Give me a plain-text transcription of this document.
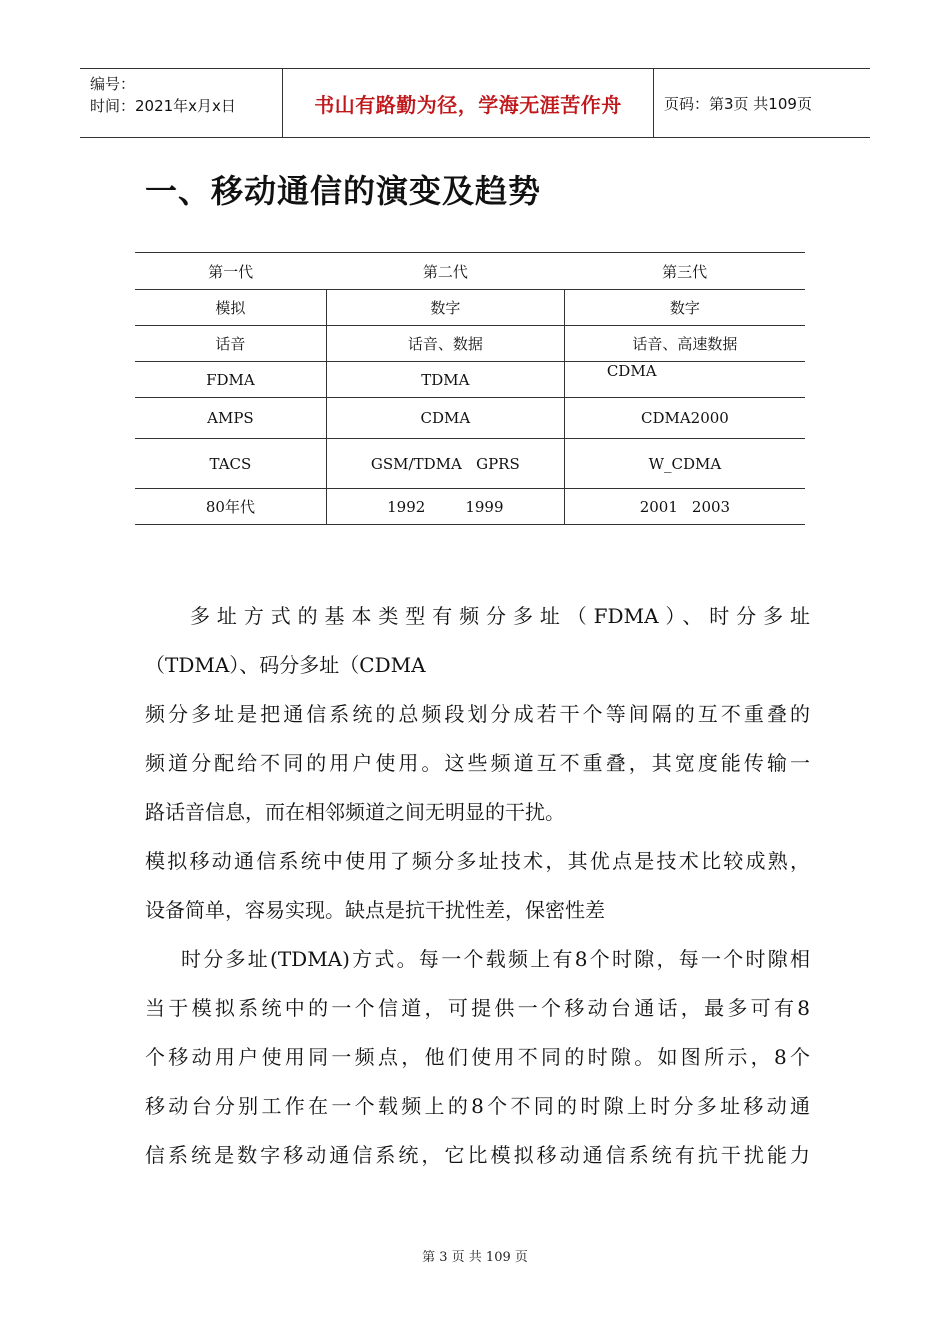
编号：
时间：2021年x月x日	书山有路勤为径，学海无涯苦作舟	页码：第3页 共109页
一、移动通信的演变及趋势
第一代	第二代	第三代
模拟	数字	数字
话音	话音、数据	话音、高速数据
FDMA	TDMA	CDMA
AMPS	CDMA	CDMA2000
TACS	GSM/TDMA   GPRS	W_CDMA
80年代	1992 1999	2001 2003
多址方式的基本类型有频分多址（FDMA）、时分多址
（TDMA）、码分多址（CDMA
频分多址是把通信系统的总频段划分成若干个等间隔的互不重叠的
频道分配给不同的用户使用。这些频道互不重叠，其宽度能传输一
路话音信息，而在相邻频道之间无明显的干扰。
模拟移动通信系统中使用了频分多址技术，其优点是技术比较成熟，
设备简单，容易实现。缺点是抗干扰性差，保密性差
时分多址(TDMA)方式。每一个载频上有8个时隙，每一个时隙相
当于模拟系统中的一个信道，可提供一个移动台通话，最多可有8
个移动用户使用同一频点，他们使用不同的时隙。如图所示，8个
移动台分别工作在一个载频上的8个不同的时隙上时分多址移动通
信系统是数字移动通信系统，它比模拟移动通信系统有抗干扰能力
第 3 页 共 109 页
